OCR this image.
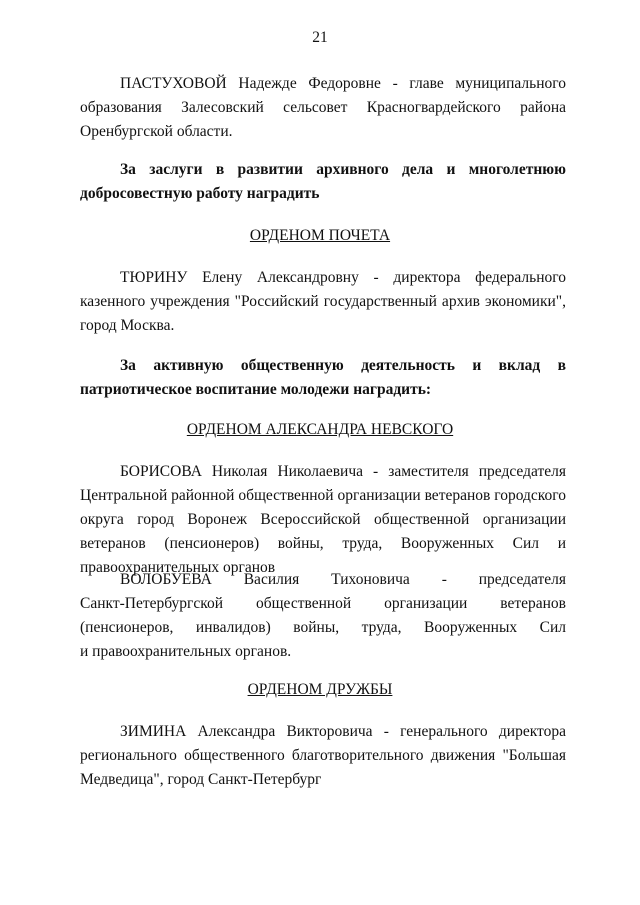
21

ПАСТУХОВОЙ Надежде Федоровне - главе муниципального образования Залесовский сельсовет Красногвардейского района Оренбургской области.

За заслуги в развитии архивного дела и многолетнюю добросовестную работу наградить

ОРДЕНОМ ПОЧЕТА

ТЮРИНУ Елену Александровну - директора федерального казенного учреждения "Российский государственный архив экономики", город Москва.

За активную общественную деятельность и вклад в патриотическое воспитание молодежи наградить:

ОРДЕНОМ АЛЕКСАНДРА НЕВСКОГО

БОРИСОВА Николая Николаевича - заместителя председателя Центральной районной общественной организации ветеранов городского округа город Воронеж Всероссийской общественной организации ветеранов (пенсионеров) войны, труда, Вооруженных Сил и правоохранительных органов

ВОЛОБУЕВА Василия Тихоновича - председателя

Санкт-Петербургской общественной организации ветеранов

(пенсионеров, инвалидов) войны, труда, Вооруженных Сил

и правоохранительных органов.

ОРДЕНОМ ДРУЖБЫ

ЗИМИНА Александра Викторовича - генерального директора регионального общественного благотворительного движения "Большая Медведица", город Санкт-Петербург
